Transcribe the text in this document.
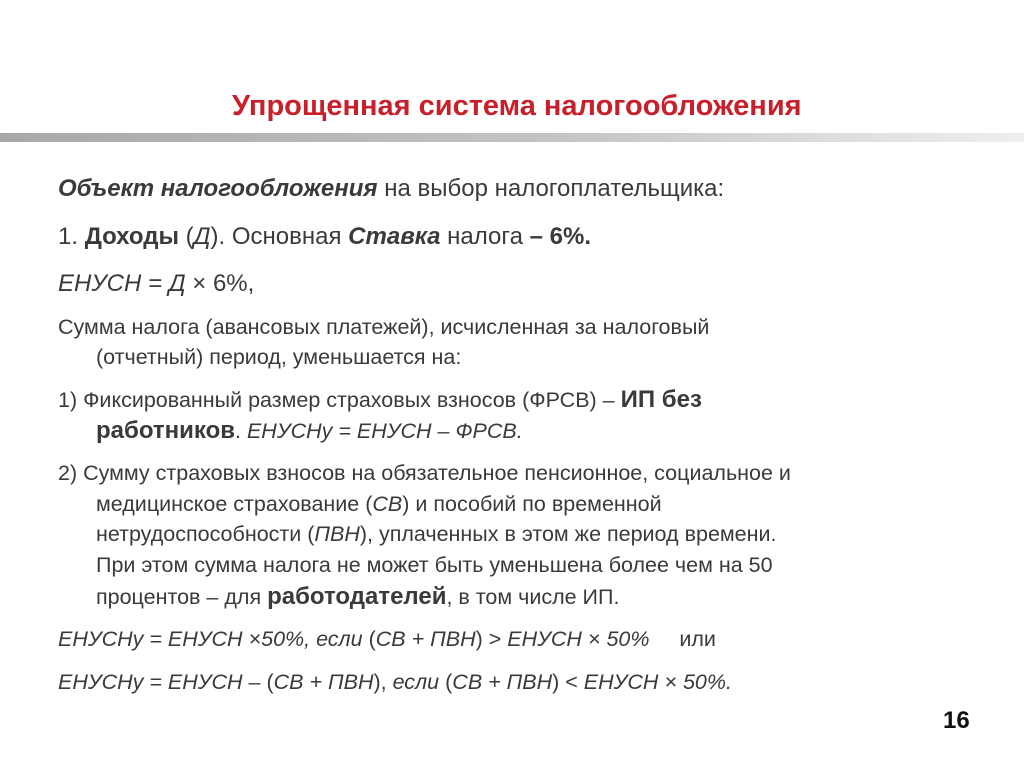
Упрощенная система налогообложения
Объект налогообложения на выбор налогоплательщика:
1. Доходы (Д). Основная Ставка налога – 6%.
ЕНУСН = Д × 6%,
Сумма налога (авансовых платежей), исчисленная за налоговый
(отчетный) период, уменьшается на:
1) Фиксированный размер страховых взносов (ФРСВ) – ИП без
работников. ЕНУСНу = ЕНУСН – ФРСВ.
2) Сумму страховых взносов на обязательное пенсионное, социальное и
медицинское страхование (СВ) и пособий по временной
нетрудоспособности (ПВН), уплаченных в этом же период времени.
При этом сумма налога не может быть уменьшена более чем на 50
процентов – для работодателей, в том числе ИП.
ЕНУСНу = ЕНУСН ×50%, если (СВ + ПВН) > ЕНУСН × 50%     или
ЕНУСНу = ЕНУСН – (СВ + ПВН), если (СВ + ПВН) < ЕНУСН × 50%.
16
